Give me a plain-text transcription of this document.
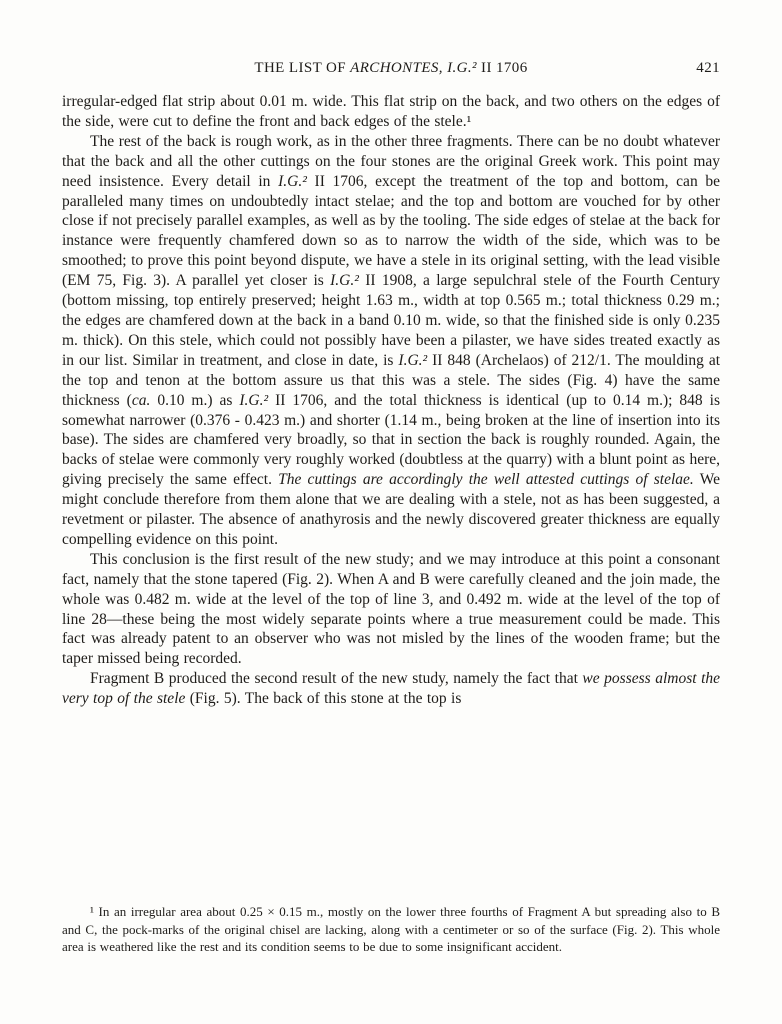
THE LIST OF ARCHONTES, I.G.² II 1706	421

irregular-edged flat strip about 0.01 m. wide. This flat strip on the back, and two others on the edges of the side, were cut to define the front and back edges of the stele.¹

The rest of the back is rough work, as in the other three fragments. There can be no doubt whatever that the back and all the other cuttings on the four stones are the original Greek work. This point may need insistence. Every detail in I.G.² II 1706, except the treatment of the top and bottom, can be paralleled many times on undoubtedly intact stelae; and the top and bottom are vouched for by other close if not precisely parallel examples, as well as by the tooling. The side edges of stelae at the back for instance were frequently chamfered down so as to narrow the width of the side, which was to be smoothed; to prove this point beyond dispute, we have a stele in its original setting, with the lead visible (EM 75, Fig. 3). A parallel yet closer is I.G.² II 1908, a large sepulchral stele of the Fourth Century (bottom missing, top entirely preserved; height 1.63 m., width at top 0.565 m.; total thickness 0.29 m.; the edges are chamfered down at the back in a band 0.10 m. wide, so that the finished side is only 0.235 m. thick). On this stele, which could not possibly have been a pilaster, we have sides treated exactly as in our list. Similar in treatment, and close in date, is I.G.² II 848 (Archelaos) of 212/1. The moulding at the top and tenon at the bottom assure us that this was a stele. The sides (Fig. 4) have the same thickness (ca. 0.10 m.) as I.G.² II 1706, and the total thickness is identical (up to 0.14 m.); 848 is somewhat narrower (0.376 - 0.423 m.) and shorter (1.14 m., being broken at the line of insertion into its base). The sides are chamfered very broadly, so that in section the back is roughly rounded. Again, the backs of stelae were commonly very roughly worked (doubtless at the quarry) with a blunt point as here, giving precisely the same effect. The cuttings are accordingly the well attested cuttings of stelae. We might conclude therefore from them alone that we are dealing with a stele, not as has been suggested, a revetment or pilaster. The absence of anathyrosis and the newly discovered greater thickness are equally compelling evidence on this point.

This conclusion is the first result of the new study; and we may introduce at this point a consonant fact, namely that the stone tapered (Fig. 2). When A and B were carefully cleaned and the join made, the whole was 0.482 m. wide at the level of the top of line 3, and 0.492 m. wide at the level of the top of line 28—these being the most widely separate points where a true measurement could be made. This fact was already patent to an observer who was not misled by the lines of the wooden frame; but the taper missed being recorded.

Fragment B produced the second result of the new study, namely the fact that we possess almost the very top of the stele (Fig. 5). The back of this stone at the top is

¹ In an irregular area about 0.25 × 0.15 m., mostly on the lower three fourths of Fragment A but spreading also to B and C, the pock-marks of the original chisel are lacking, along with a centimeter or so of the surface (Fig. 2). This whole area is weathered like the rest and its condition seems to be due to some insignificant accident.
